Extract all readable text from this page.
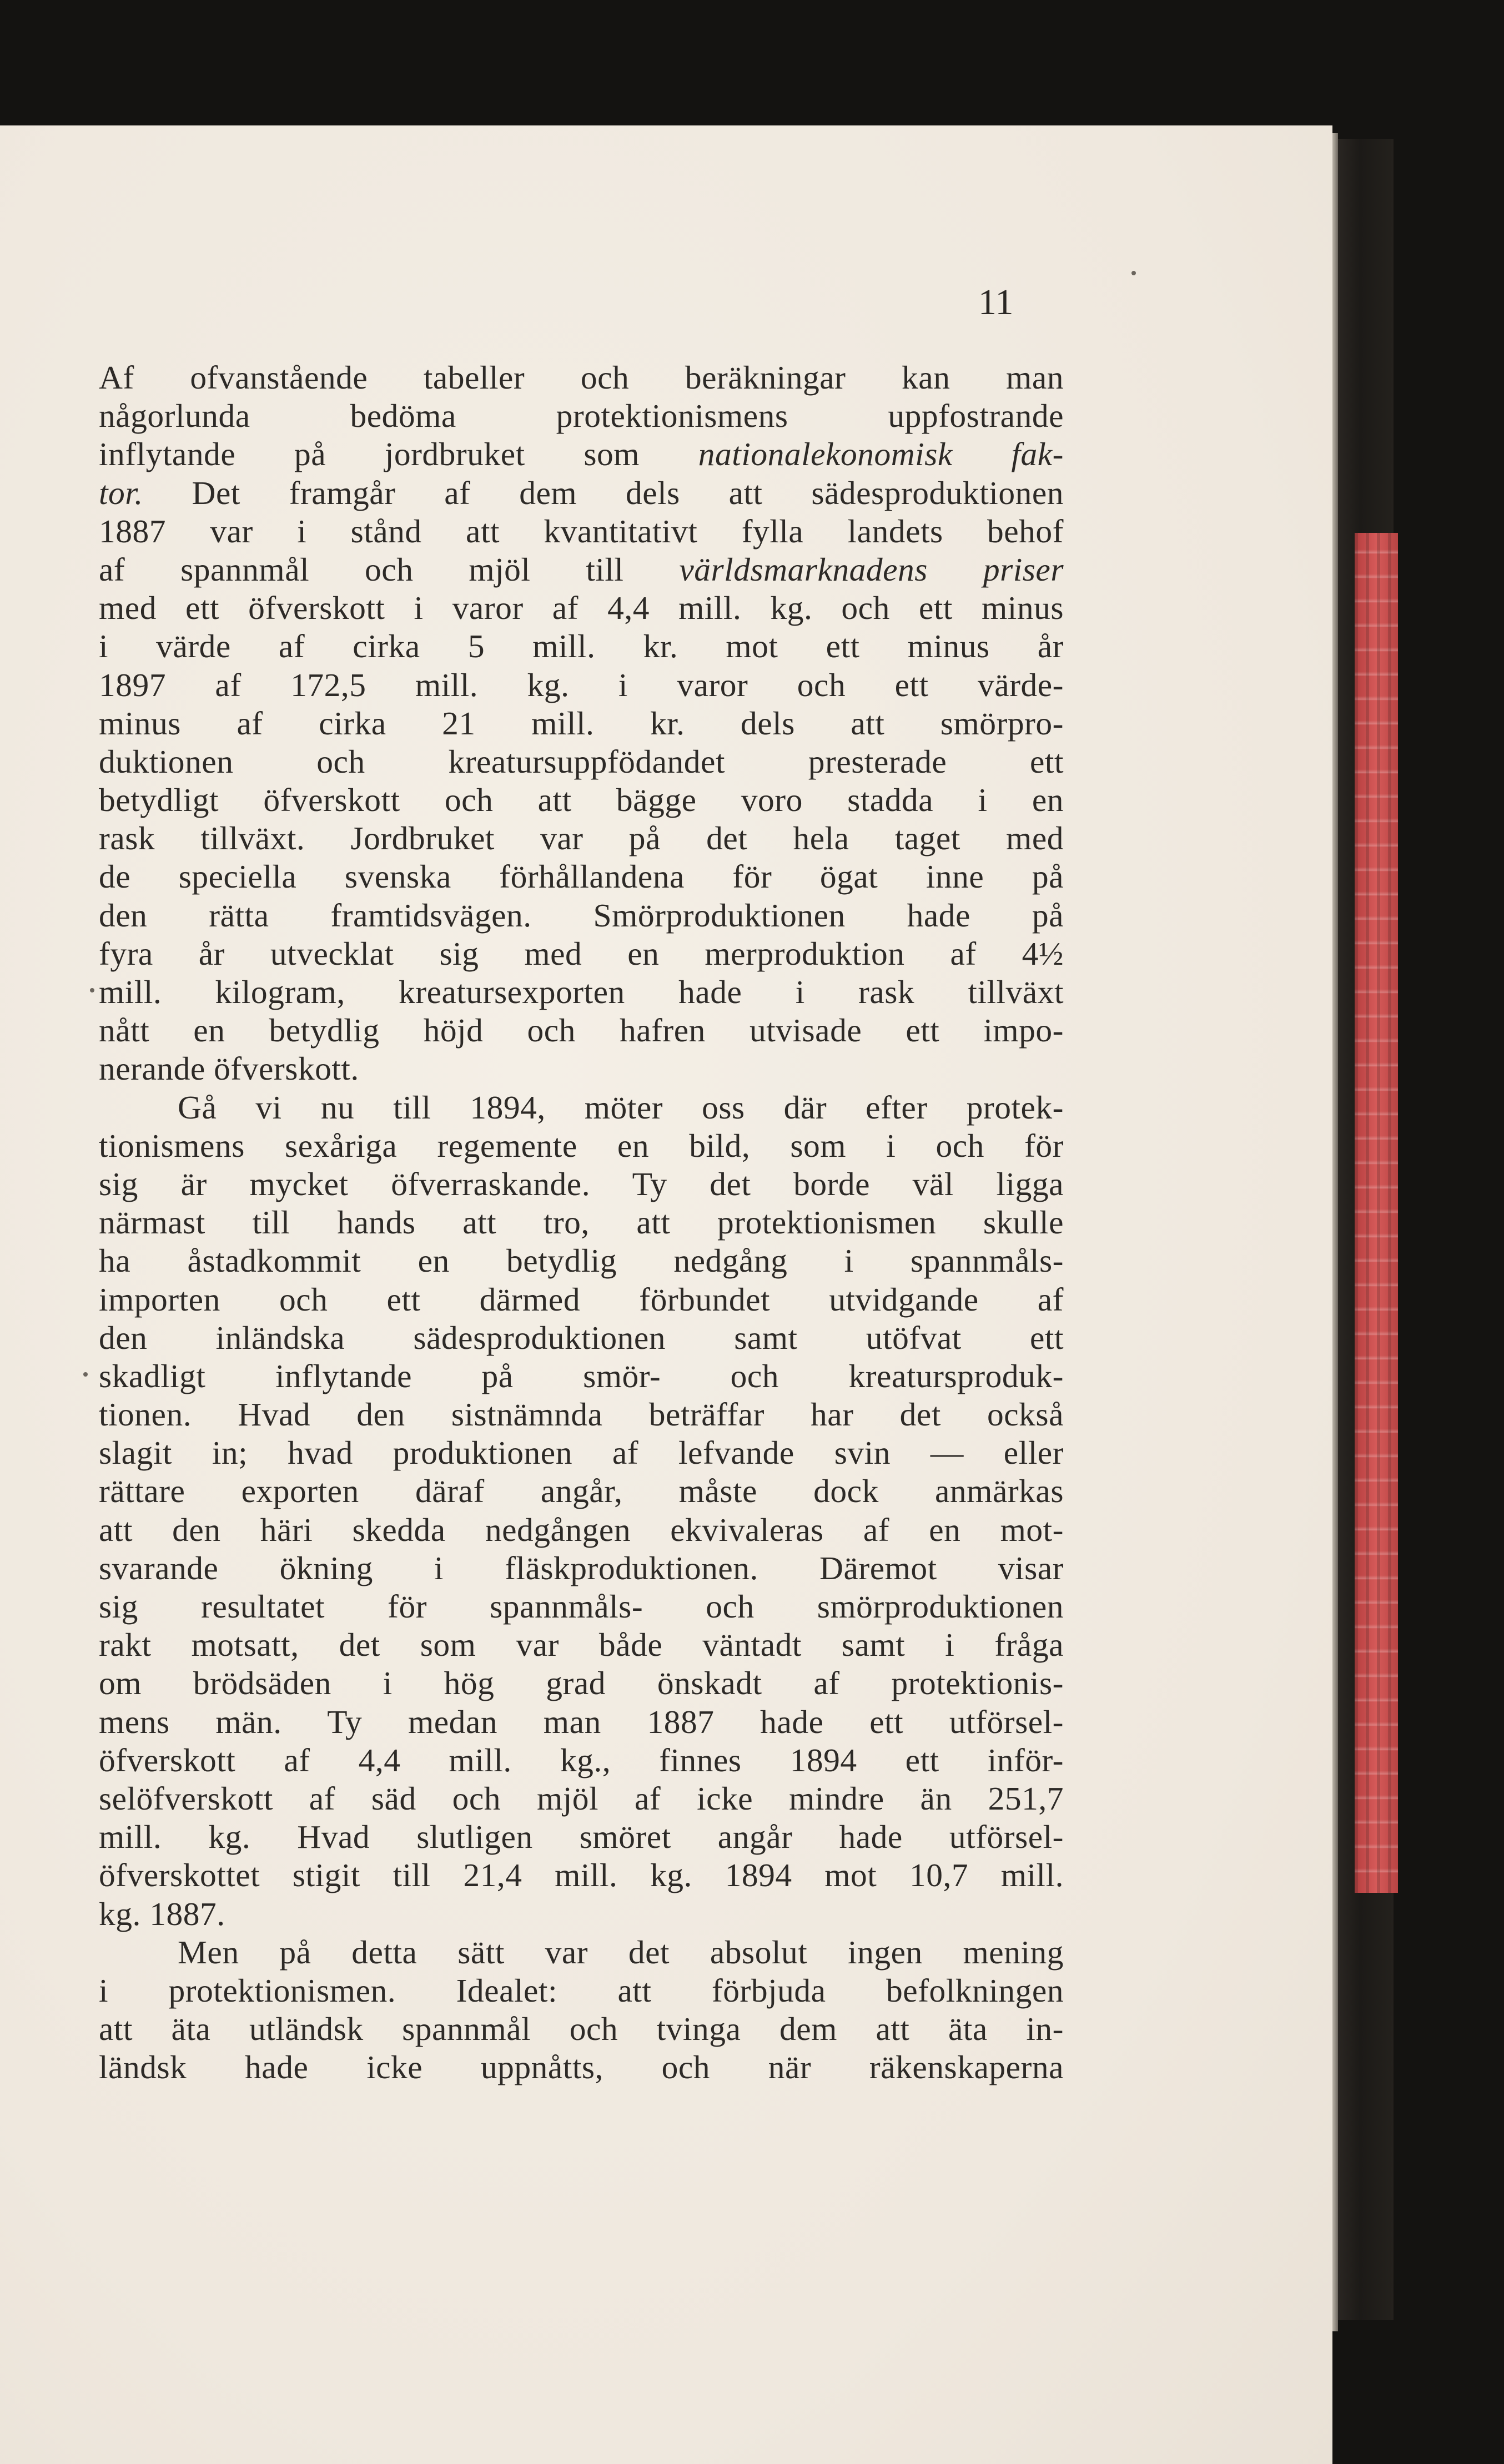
11
Af ofvanstående tabeller och beräkningar kan man
någorlunda bedöma protektionismens uppfostrande
inflytande på jordbruket som nationalekonomisk fak-
tor. Det framgår af dem dels att sädesproduktionen
1887 var i stånd att kvantitativt fylla landets behof
af spannmål och mjöl till världsmarknadens priser
med ett öfverskott i varor af 4,4 mill. kg. och ett minus
i värde af cirka 5 mill. kr. mot ett minus år
1897 af 172,5 mill. kg. i varor och ett värde-
minus af cirka 21 mill. kr. dels att smörpro-
duktionen och kreatursuppfödandet presterade ett
betydligt öfverskott och att bägge voro stadda i en
rask tillväxt. Jordbruket var på det hela taget med
de speciella svenska förhållandena för ögat inne på
den rätta framtidsvägen. Smörproduktionen hade på
fyra år utvecklat sig med en merproduktion af 4½
mill. kilogram, kreatursexporten hade i rask tillväxt
nått en betydlig höjd och hafren utvisade ett impo-
nerande öfverskott.
Gå vi nu till 1894, möter oss där efter protek-
tionismens sexåriga regemente en bild, som i och för
sig är mycket öfverraskande. Ty det borde väl ligga
närmast till hands att tro, att protektionismen skulle
ha åstadkommit en betydlig nedgång i spannmåls-
importen och ett därmed förbundet utvidgande af
den inländska sädesproduktionen samt utöfvat ett
skadligt inflytande på smör- och kreatursproduk-
tionen. Hvad den sistnämnda beträffar har det också
slagit in; hvad produktionen af lefvande svin — eller
rättare exporten däraf angår, måste dock anmärkas
att den häri skedda nedgången ekvivaleras af en mot-
svarande ökning i fläskproduktionen. Däremot visar
sig resultatet för spannmåls- och smörproduktionen
rakt motsatt, det som var både väntadt samt i fråga
om brödsäden i hög grad önskadt af protektionis-
mens män. Ty medan man 1887 hade ett utförsel-
öfverskott af 4,4 mill. kg., finnes 1894 ett inför-
selöfverskott af säd och mjöl af icke mindre än 251,7
mill. kg. Hvad slutligen smöret angår hade utförsel-
öfverskottet stigit till 21,4 mill. kg. 1894 mot 10,7 mill.
kg. 1887.
Men på detta sätt var det absolut ingen mening
i protektionismen. Idealet: att förbjuda befolkningen
att äta utländsk spannmål och tvinga dem att äta in-
ländsk hade icke uppnåtts, och när räkenskaperna
